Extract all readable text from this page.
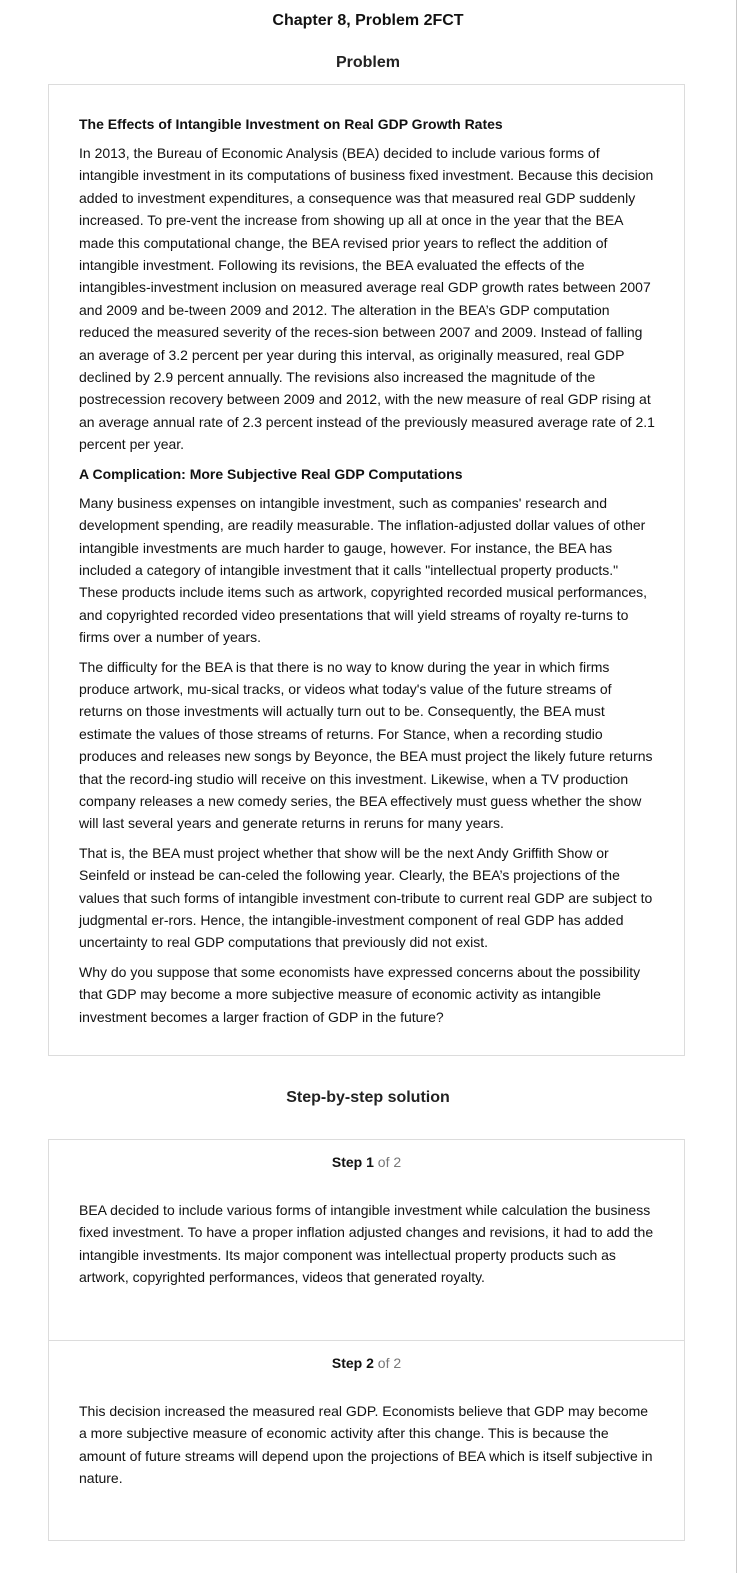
Chapter 8, Problem 2FCT
Problem
The Effects of Intangible Investment on Real GDP Growth Rates

In 2013, the Bureau of Economic Analysis (BEA) decided to include various forms of intangible investment in its computations of business fixed investment. Because this decision added to investment expenditures, a consequence was that measured real GDP suddenly increased. To pre-vent the increase from showing up all at once in the year that the BEA made this computational change, the BEA revised prior years to reflect the addition of intangible investment. Following its revisions, the BEA evaluated the effects of the intangibles-investment inclusion on measured average real GDP growth rates between 2007 and 2009 and be-tween 2009 and 2012. The alteration in the BEA’s GDP computation reduced the measured severity of the reces-sion between 2007 and 2009. Instead of falling an average of 3.2 percent per year during this interval, as originally measured, real GDP declined by 2.9 percent annually. The revisions also increased the magnitude of the postrecession recovery between 2009 and 2012, with the new measure of real GDP rising at an average annual rate of 2.3 percent instead of the previously measured average rate of 2.1 percent per year.

A Complication: More Subjective Real GDP Computations

Many business expenses on intangible investment, such as companies' research and development spending, are readily measurable. The inflation-adjusted dollar values of other intangible investments are much harder to gauge, however. For instance, the BEA has included a category of intangible investment that it calls "intellectual property products." These products include items such as artwork, copyrighted recorded musical performances, and copyrighted recorded video presentations that will yield streams of royalty re-turns to firms over a number of years.

The difficulty for the BEA is that there is no way to know during the year in which firms produce artwork, mu-sical tracks, or videos what today's value of the future streams of returns on those investments will actually turn out to be. Consequently, the BEA must estimate the values of those streams of returns. For Stance, when a recording studio produces and releases new songs by Beyonce, the BEA must project the likely future returns that the record-ing studio will receive on this investment. Likewise, when a TV production company releases a new comedy series, the BEA effectively must guess whether the show will last several years and generate returns in reruns for many years.

That is, the BEA must project whether that show will be the next Andy Griffith Show or Seinfeld or instead be can-celed the following year. Clearly, the BEA’s projections of the values that such forms of intangible investment con-tribute to current real GDP are subject to judgmental er-rors. Hence, the intangible-investment component of real GDP has added uncertainty to real GDP computations that previously did not exist.

Why do you suppose that some economists have expressed concerns about the possibility that GDP may become a more subjective measure of economic activity as intangible investment becomes a larger fraction of GDP in the future?

Step-by-step solution
Step 1 of 2

BEA decided to include various forms of intangible investment while calculation the business fixed investment. To have a proper inflation adjusted changes and revisions, it had to add the intangible investments. Its major component was intellectual property products such as artwork, copyrighted performances, videos that generated royalty.

Step 2 of 2

This decision increased the measured real GDP. Economists believe that GDP may become a more subjective measure of economic activity after this change. This is because the amount of future streams will depend upon the projections of BEA which is itself subjective in nature.
